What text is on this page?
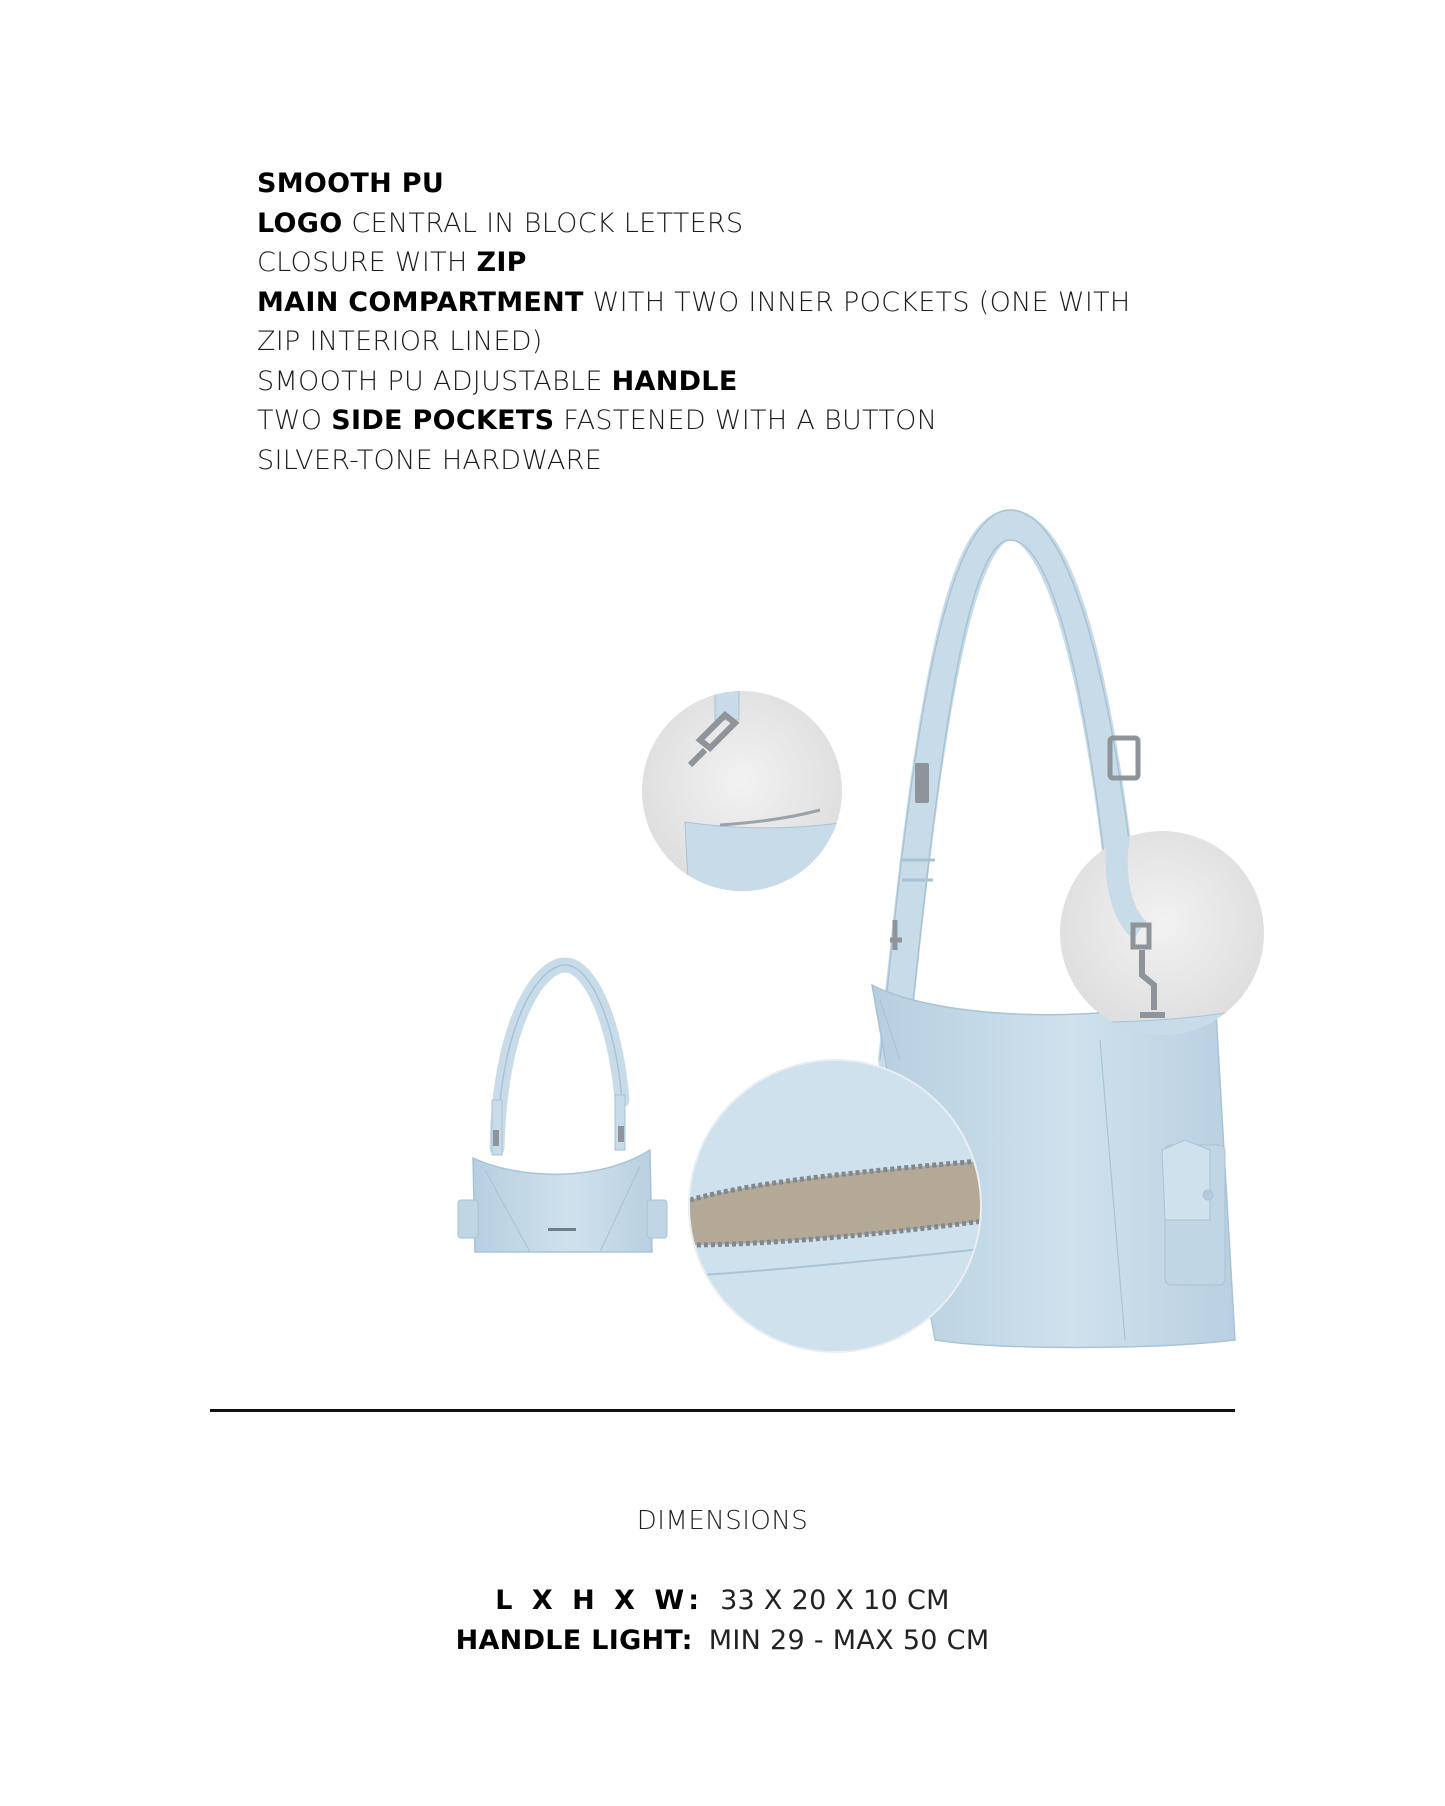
SMOOTH PU
LOGO CENTRAL IN BLOCK LETTERS
CLOSURE WITH ZIP
MAIN COMPARTMENT WITH TWO INNER POCKETS (ONE WITH
ZIP INTERIOR LINED)
SMOOTH PU ADJUSTABLE HANDLE
TWO SIDE POCKETS FASTENED WITH A BUTTON
SILVER-TONE HARDWARE
DIMENSIONS
L X H X W: 33 X 20 X 10 CM
HANDLE LIGHT: MIN 29 - MAX 50 CM
